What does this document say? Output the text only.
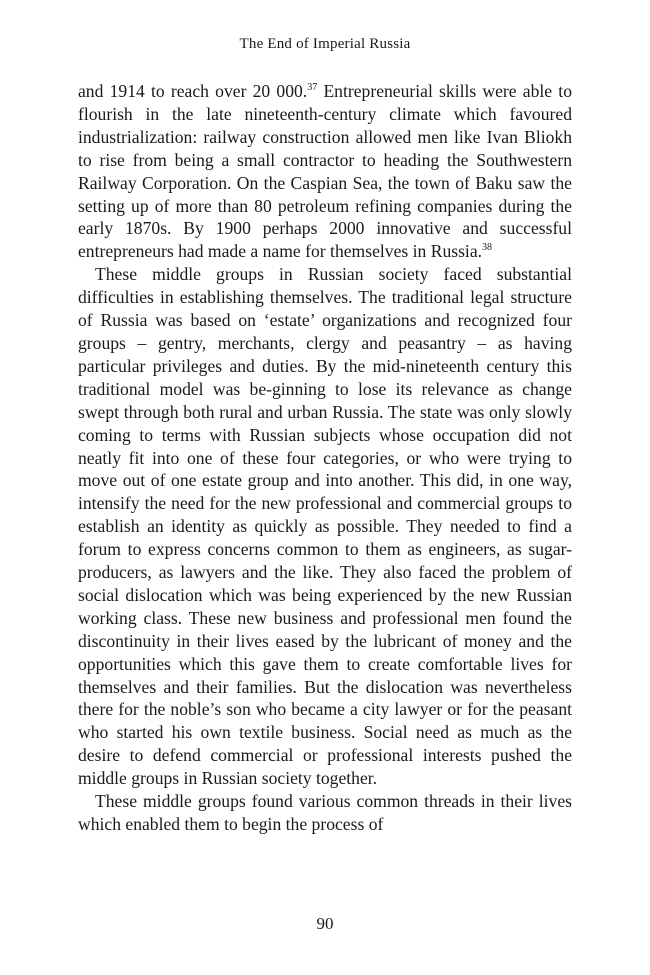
The End of Imperial Russia

and 1914 to reach over 20 000.37 Entrepreneurial skills were able to flourish in the late nineteenth-century climate which favoured industrialization: railway construction allowed men like Ivan Bliokh to rise from being a small contractor to heading the Southwestern Railway Corporation. On the Caspian Sea, the town of Baku saw the setting up of more than 80 petroleum refining companies during the early 1870s. By 1900 perhaps 2000 innovative and successful entrepreneurs had made a name for themselves in Russia.$^{38}$

These middle groups in Russian society faced substantial difficulties in establishing themselves. The traditional legal structure of Russia was based on ‘estate’ organizations and recognized four groups – gentry, merchants, clergy and peasantry – as having particular privileges and duties. By the mid-nineteenth century this traditional model was be-ginning to lose its relevance as change swept through both rural and urban Russia. The state was only slowly coming to terms with Russian subjects whose occupation did not neatly fit into one of these four categories, or who were trying to move out of one estate group and into another. This did, in one way, intensify the need for the new professional and commercial groups to establish an identity as quickly as possible. They needed to find a forum to express concerns common to them as engineers, as sugar-producers, as lawyers and the like. They also faced the problem of social dislocation which was being experienced by the new Russian working class. These new business and professional men found the discontinuity in their lives eased by the lubricant of money and the opportunities which this gave them to create comfortable lives for themselves and their families. But the dislocation was nevertheless there for the noble’s son who became a city lawyer or for the peasant who started his own textile business. Social need as much as the desire to defend commercial or professional interests pushed the middle groups in Russian society together.

These middle groups found various common threads in their lives which enabled them to begin the process of

90
